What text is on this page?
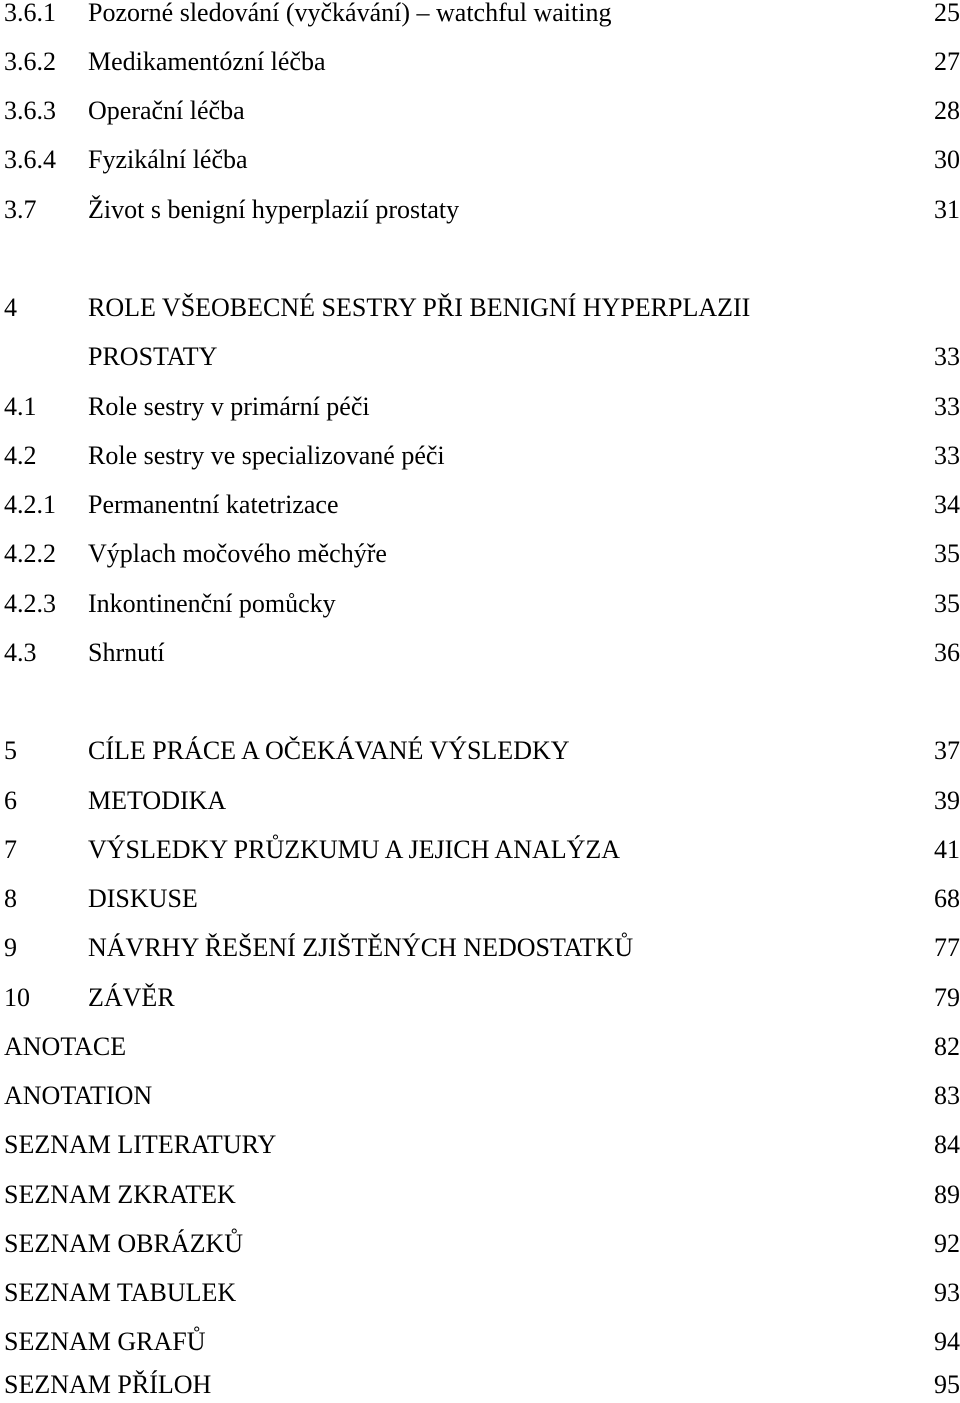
3.6.1 Pozorné sledování (vyčkávání) – watchful waiting	25
3.6.2 Medikamentózní léčba	27
3.6.3 Operační léčba	28
3.6.4 Fyzikální léčba	30
3.7 Život s benigní hyperplazií prostaty	31
4	ROLE VŠEOBECNÉ SESTRY PŘI BENIGNÍ HYPERPLAZII
PROSTATY	33
4.1 Role sestry v primární péči	33
4.2 Role sestry ve specializované péči	33
4.2.1 Permanentní katetrizace	34
4.2.2 Výplach močového měchýře	35
4.2.3 Inkontinenční pomůcky	35
4.3 Shrnutí	36
5	CÍLE PRÁCE A OČEKÁVANÉ VÝSLEDKY	37
6	METODIKA	39
7	VÝSLEDKY PRŮZKUMU A JEJICH ANALÝZA	41
8	DISKUSE	68
9	NÁVRHY ŘEŠENÍ ZJIŠTĚNÝCH NEDOSTATKŮ	77
10 ZÁVĚR	79
ANOTACE	82
ANOTATION	83
SEZNAM LITERATURY	84
SEZNAM ZKRATEK	89
SEZNAM OBRÁZKŮ	92
SEZNAM TABULEK	93
SEZNAM GRAFŮ	94
SEZNAM PŘÍLOH	95
